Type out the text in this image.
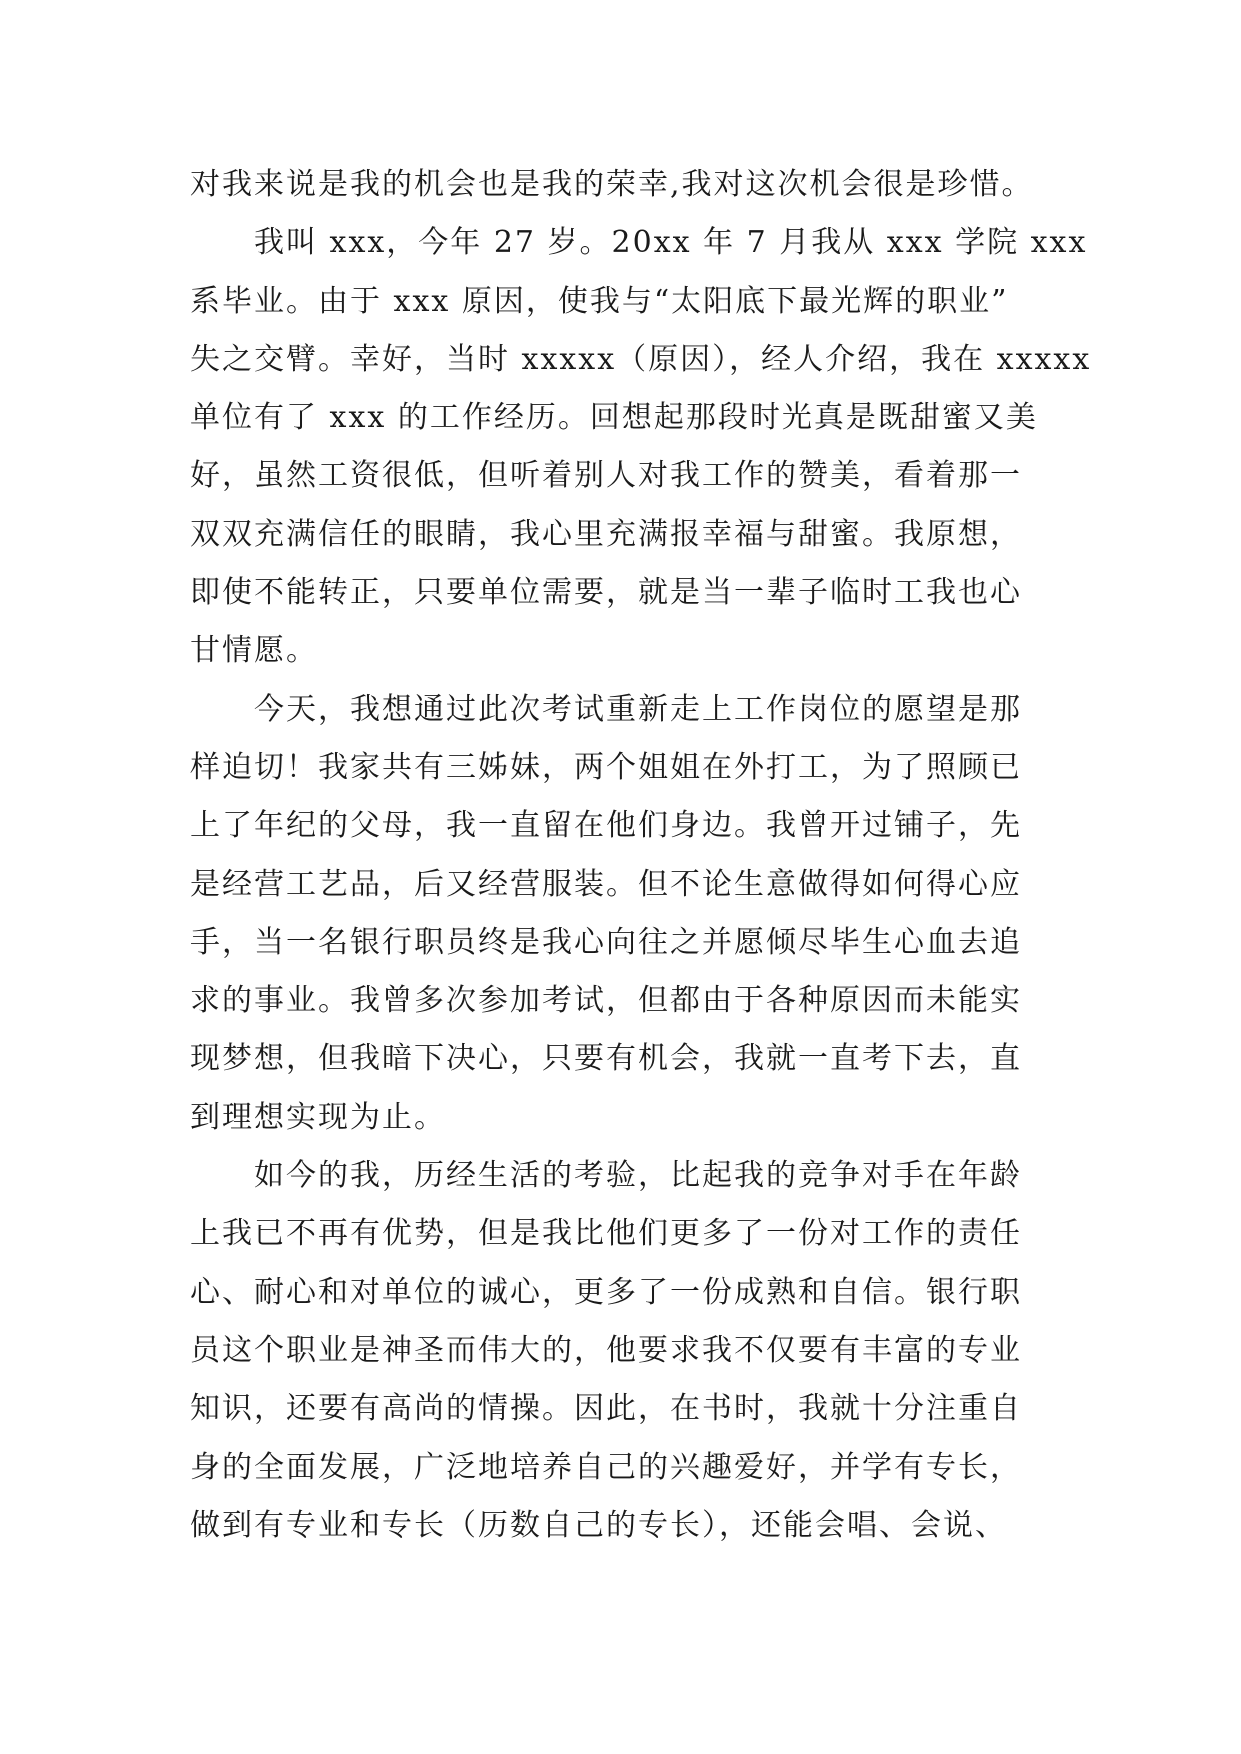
对我来说是我的机会也是我的荣幸,我对这次机会很是珍惜。
我叫 xxx，今年 27 岁。20xx 年 7 月我从 xxx 学院 xxx
系毕业。由于 xxx 原因，使我与“太阳底下最光辉的职业”
失之交臂。幸好，当时 xxxxx（原因），经人介绍，我在 xxxxx
单位有了 xxx 的工作经历。回想起那段时光真是既甜蜜又美
好，虽然工资很低，但听着别人对我工作的赞美，看着那一
双双充满信任的眼睛，我心里充满报幸福与甜蜜。我原想，
即使不能转正，只要单位需要，就是当一辈子临时工我也心
甘情愿。
今天，我想通过此次考试重新走上工作岗位的愿望是那
样迫切！我家共有三姊妹，两个姐姐在外打工，为了照顾已
上了年纪的父母，我一直留在他们身边。我曾开过铺子，先
是经营工艺品，后又经营服装。但不论生意做得如何得心应
手，当一名银行职员终是我心向往之并愿倾尽毕生心血去追
求的事业。我曾多次参加考试，但都由于各种原因而未能实
现梦想，但我暗下决心，只要有机会，我就一直考下去，直
到理想实现为止。
如今的我，历经生活的考验，比起我的竞争对手在年龄
上我已不再有优势，但是我比他们更多了一份对工作的责任
心、耐心和对单位的诚心，更多了一份成熟和自信。银行职
员这个职业是神圣而伟大的，他要求我不仅要有丰富的专业
知识，还要有高尚的情操。因此，在书时，我就十分注重自
身的全面发展，广泛地培养自己的兴趣爱好，并学有专长，
做到有专业和专长（历数自己的专长），还能会唱、会说、
